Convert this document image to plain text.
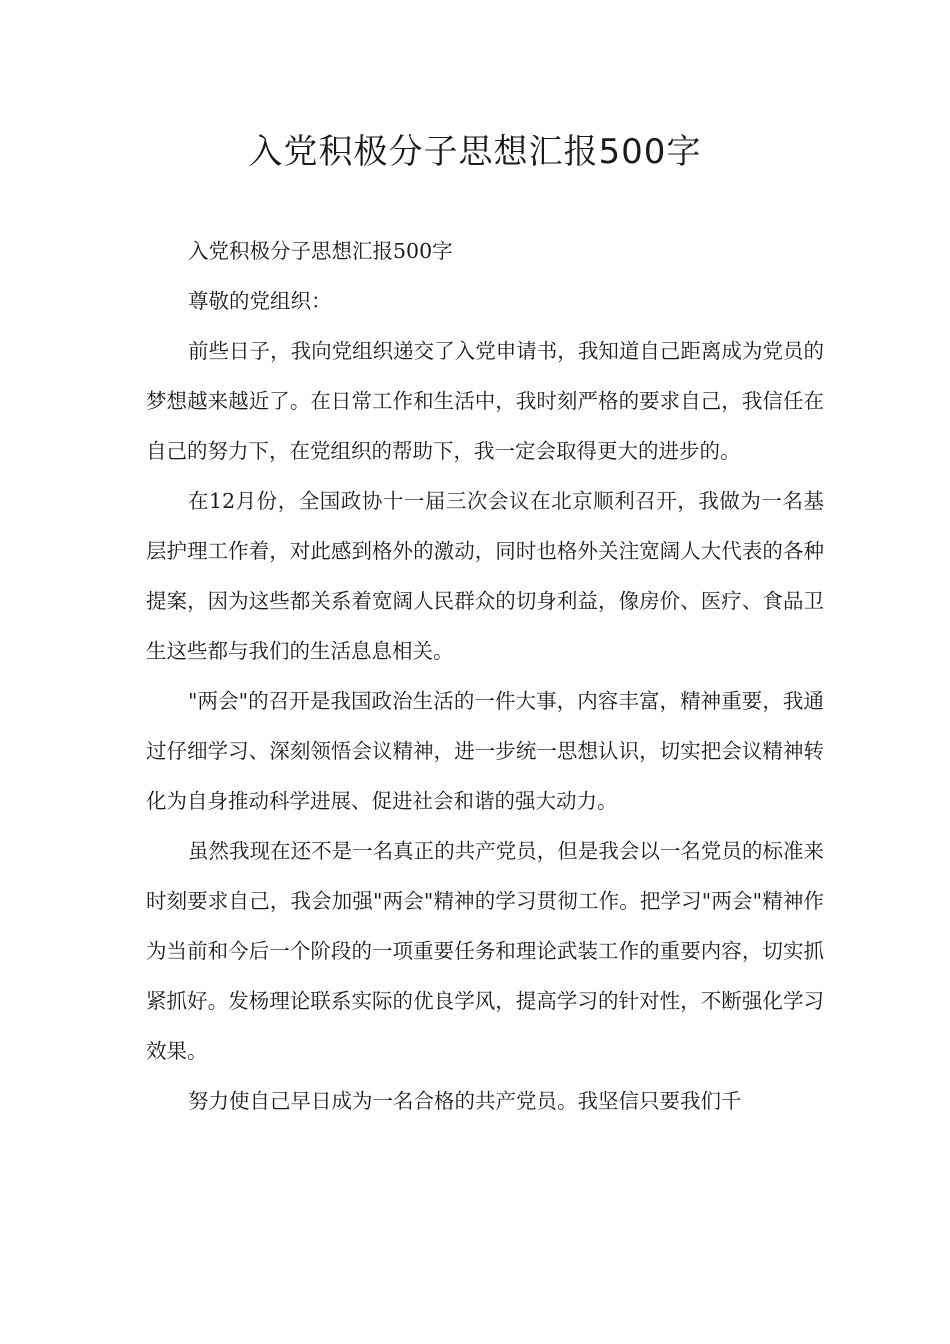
入党积极分子思想汇报500字

入党积极分子思想汇报500字

尊敬的党组织：

前些日子，我向党组织递交了入党申请书，我知道自己距离成为党员的梦想越来越近了。在日常工作和生活中，我时刻严格的要求自己，我信任在自己的努力下，在党组织的帮助下，我一定会取得更大的进步的。

在12月份，全国政协十一届三次会议在北京顺利召开，我做为一名基层护理工作着，对此感到格外的激动，同时也格外关注宽阔人大代表的各种提案，因为这些都关系着宽阔人民群众的切身利益，像房价、医疗、食品卫生这些都与我们的生活息息相关。

"两会"的召开是我国政治生活的一件大事，内容丰富，精神重要，我通过仔细学习、深刻领悟会议精神，进一步统一思想认识，切实把会议精神转化为自身推动科学进展、促进社会和谐的强大动力。

虽然我现在还不是一名真正的共产党员，但是我会以一名党员的标准来时刻要求自己，我会加强"两会"精神的学习贯彻工作。把学习"两会"精神作为当前和今后一个阶段的一项重要任务和理论武装工作的重要内容，切实抓紧抓好。发杨理论联系实际的优良学风，提高学习的针对性，不断强化学习效果。

努力使自己早日成为一名合格的共产党员。我坚信只要我们千
